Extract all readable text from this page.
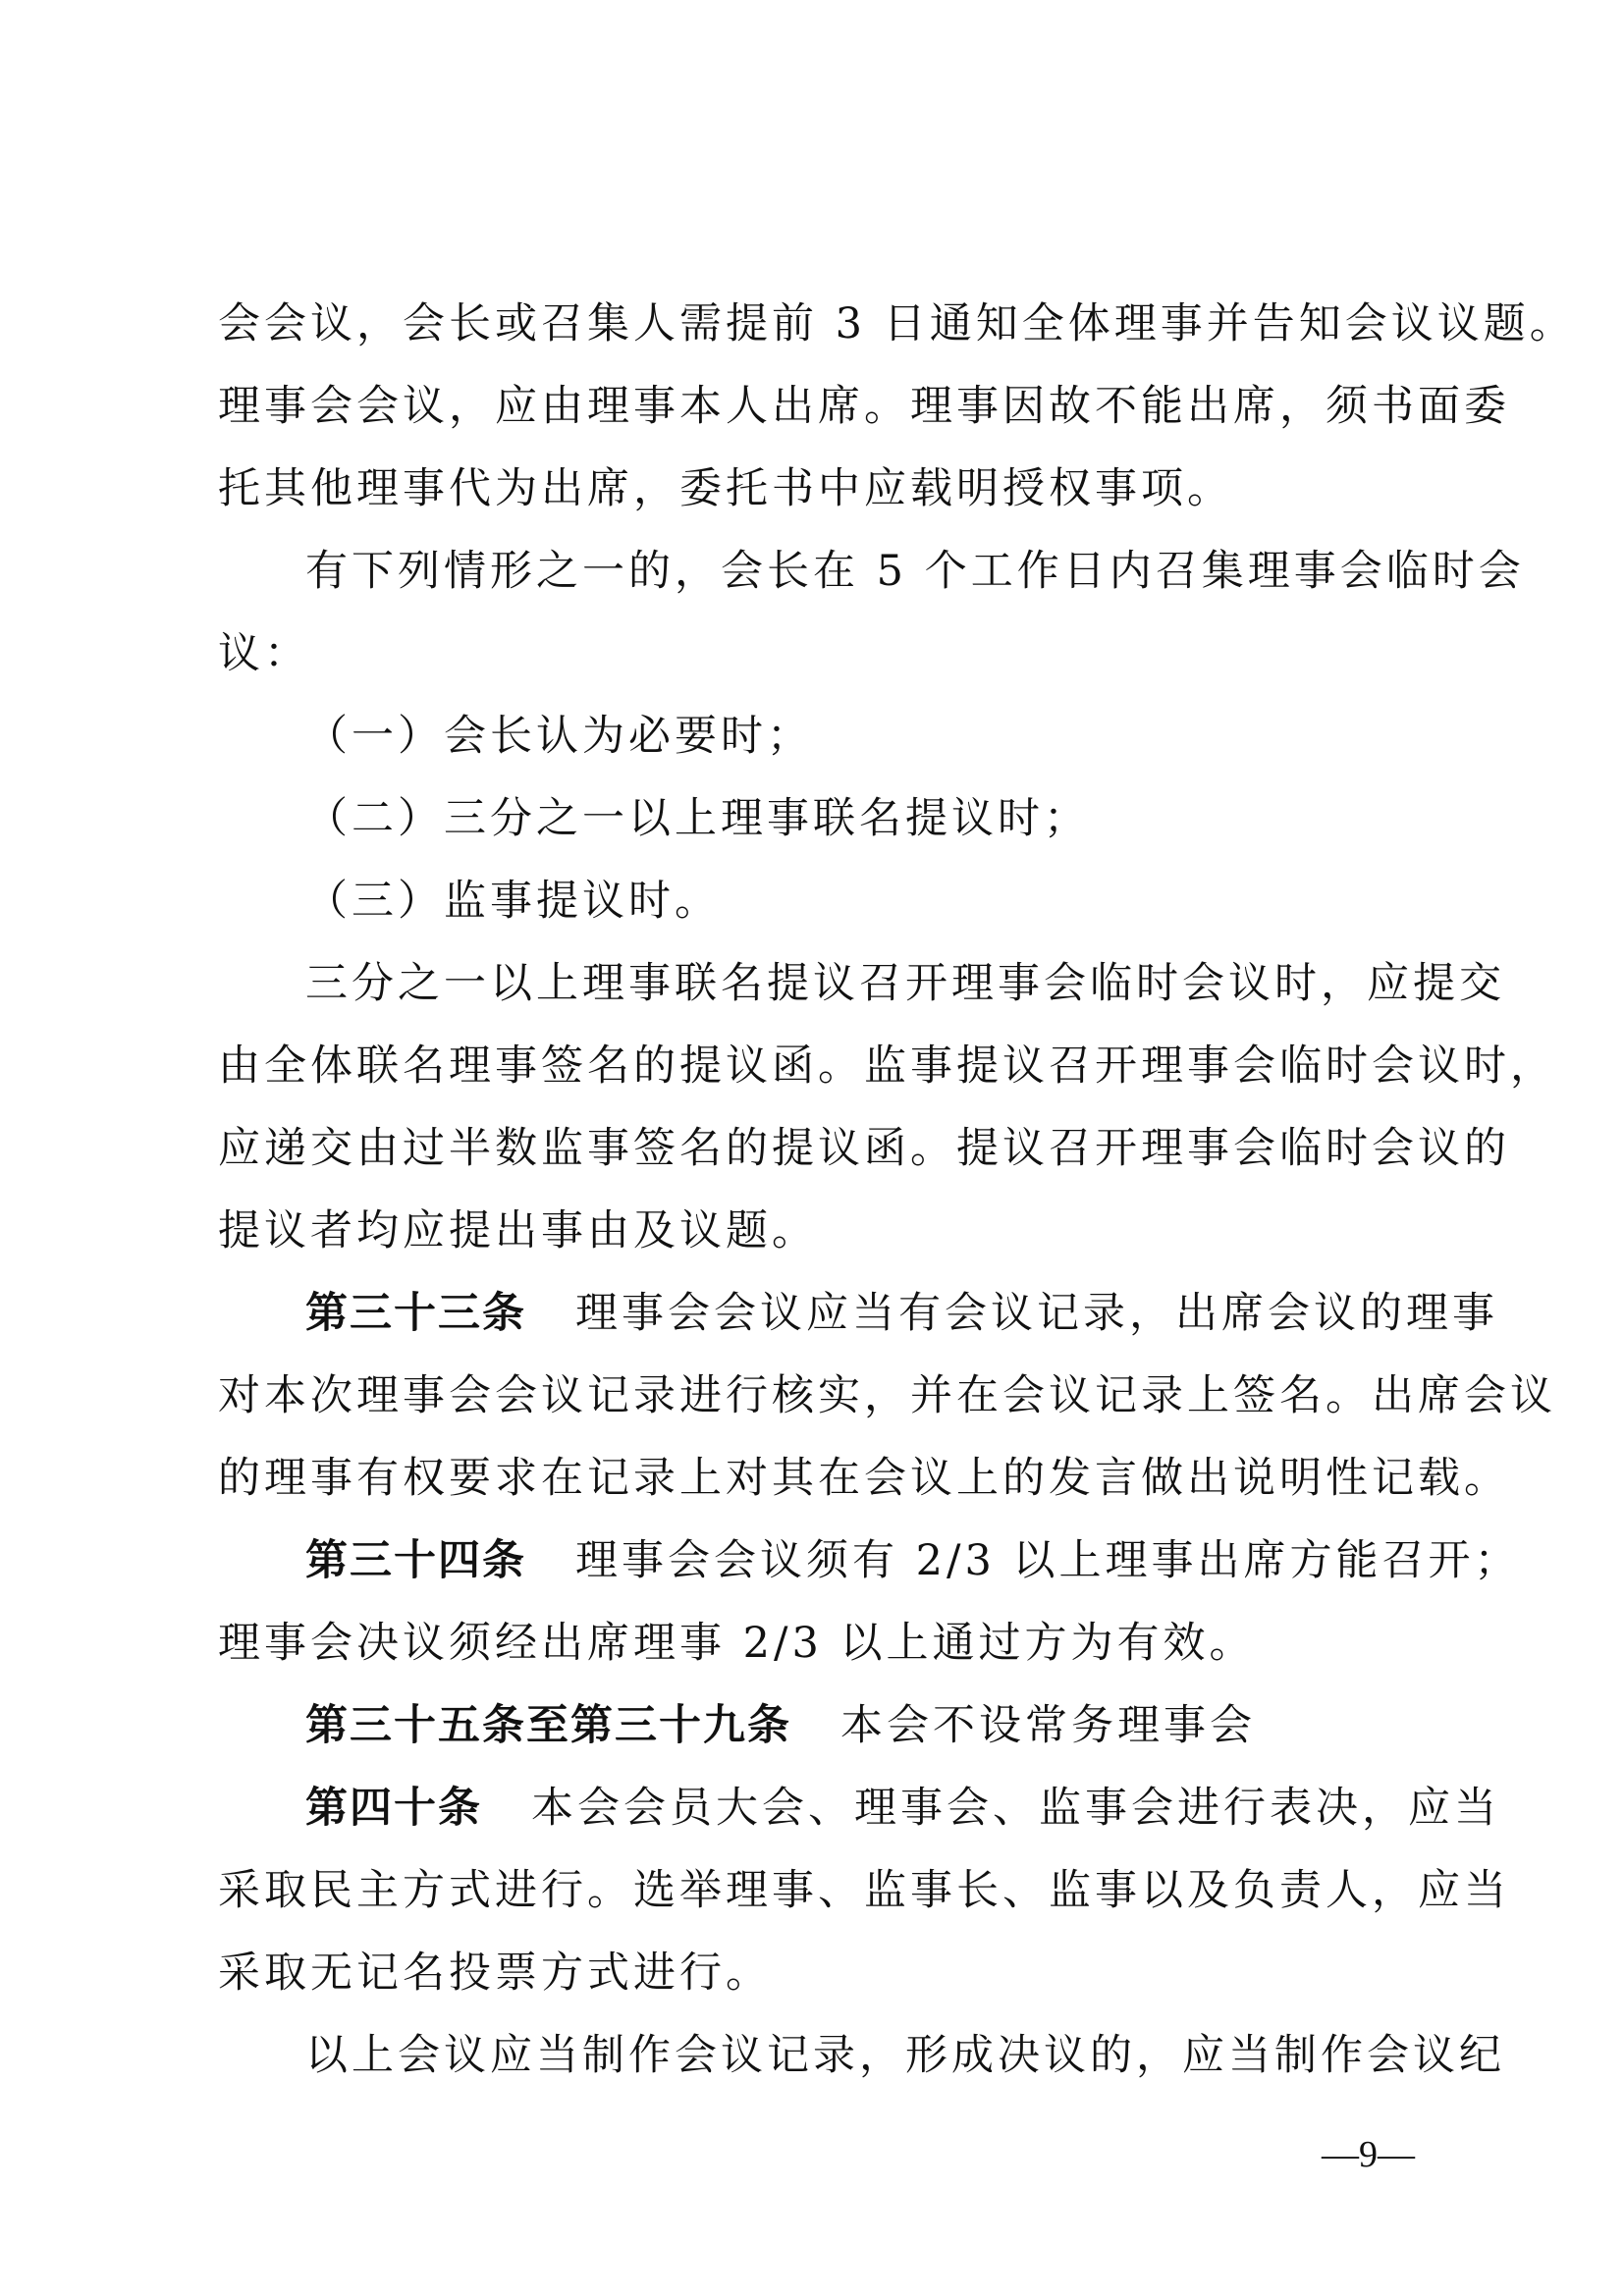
会会议，会长或召集人需提前 3 日通知全体理事并告知会议议题。
理事会会议，应由理事本人出席。理事因故不能出席，须书面委
托其他理事代为出席，委托书中应载明授权事项。
有下列情形之一的，会长在 5 个工作日内召集理事会临时会
议：
（一）会长认为必要时；
（二）三分之一以上理事联名提议时；
（三）监事提议时。
三分之一以上理事联名提议召开理事会临时会议时，应提交
由全体联名理事签名的提议函。监事提议召开理事会临时会议时，
应递交由过半数监事签名的提议函。提议召开理事会临时会议的
提议者均应提出事由及议题。
第三十三条 理事会会议应当有会议记录，出席会议的理事
对本次理事会会议记录进行核实，并在会议记录上签名。出席会议
的理事有权要求在记录上对其在会议上的发言做出说明性记载。
第三十四条 理事会会议须有 2/3 以上理事出席方能召开；
理事会决议须经出席理事 2/3 以上通过方为有效。
第三十五条至第三十九条 本会不设常务理事会
第四十条 本会会员大会、理事会、监事会进行表决，应当
采取民主方式进行。选举理事、监事长、监事以及负责人，应当
采取无记名投票方式进行。
以上会议应当制作会议记录，形成决议的，应当制作会议纪
—9—
